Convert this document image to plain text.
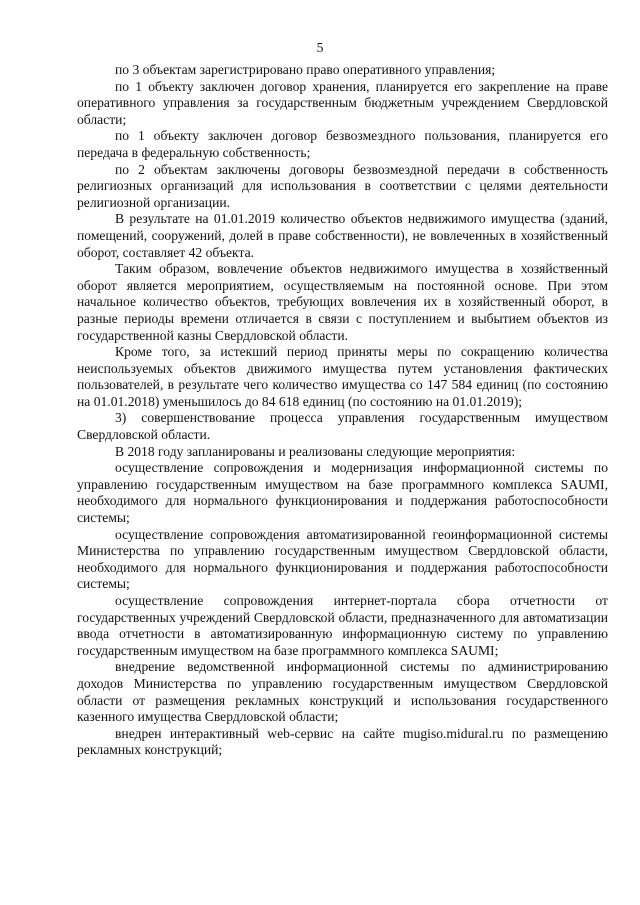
5

по 3 объектам зарегистрировано право оперативного управления;

по 1 объекту заключен договор хранения, планируется его закрепление на праве оперативного управления за государственным бюджетным учреждением Свердловской области;

по 1 объекту заключен договор безвозмездного пользования, планируется его передача в федеральную собственность;

по 2 объектам заключены договоры безвозмездной передачи в собственность религиозных организаций для использования в соответствии с целями деятельности религиозной организации.

В результате на 01.01.2019 количество объектов недвижимого имущества (зданий, помещений, сооружений, долей в праве собственности), не вовлеченных в хозяйственный оборот, составляет 42 объекта.

Таким образом, вовлечение объектов недвижимого имущества в хозяйственный оборот является мероприятием, осуществляемым на постоянной основе. При этом начальное количество объектов, требующих вовлечения их в хозяйственный оборот, в разные периоды времени отличается в связи с поступлением и выбытием объектов из государственной казны Свердловской области.

Кроме того, за истекший период приняты меры по сокращению количества неиспользуемых объектов движимого имущества путем установления фактических пользователей, в результате чего количество имущества со 147 584 единиц (по состоянию на 01.01.2018) уменьшилось до 84 618 единиц (по состоянию на 01.01.2019);

3) совершенствование процесса управления государственным имуществом Свердловской области.

В 2018 году запланированы и реализованы следующие мероприятия:

осуществление сопровождения и модернизация информационной системы по управлению государственным имуществом на базе программного комплекса SAUMI, необходимого для нормального функционирования и поддержания работоспособности системы;

осуществление сопровождения автоматизированной геоинформационной системы Министерства по управлению государственным имуществом Свердловской области, необходимого для нормального функционирования и поддержания работоспособности системы;

осуществление сопровождения интернет-портала сбора отчетности от государственных учреждений Свердловской области, предназначенного для автоматизации ввода отчетности в автоматизированную информационную систему по управлению государственным имуществом на базе программного комплекса SAUMI;

внедрение ведомственной информационной системы по администрированию доходов Министерства по управлению государственным имуществом Свердловской области от размещения рекламных конструкций и использования государственного казенного имущества Свердловской области;

внедрен интерактивный web-сервис на сайте mugiso.midural.ru по размещению рекламных конструкций;
